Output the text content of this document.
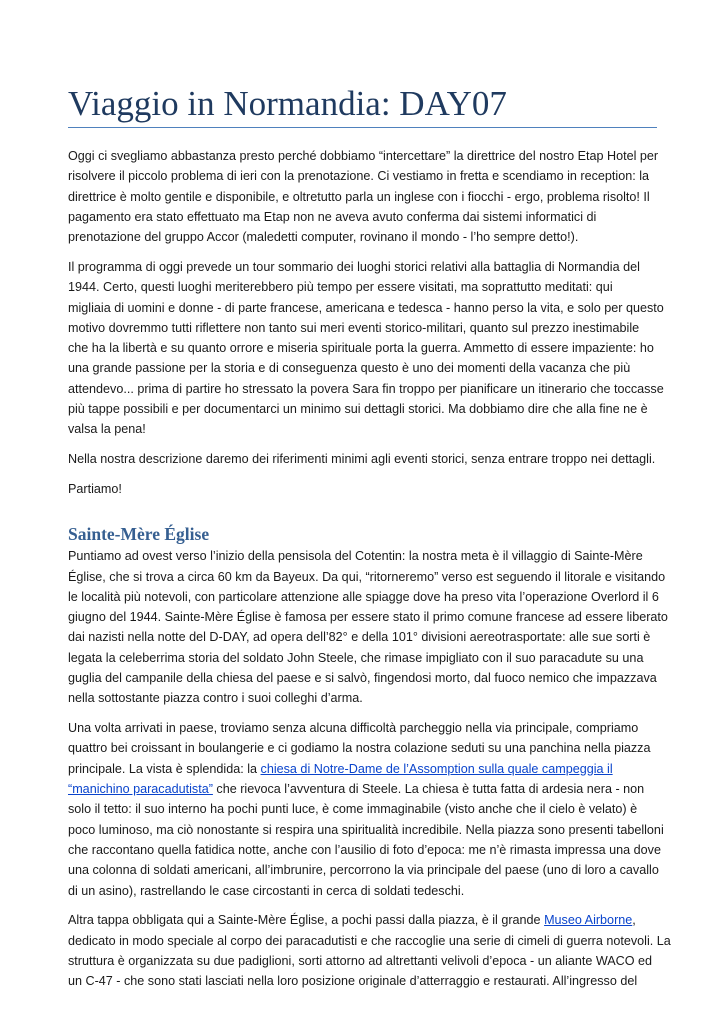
Viaggio in Normandia: DAY07

Oggi ci svegliamo abbastanza presto perché dobbiamo “intercettare” la direttrice del nostro Etap Hotel per
risolvere il piccolo problema di ieri con la prenotazione. Ci vestiamo in fretta e scendiamo in reception: la
direttrice è molto gentile e disponibile, e oltretutto parla un inglese con i fiocchi - ergo, problema risolto! Il
pagamento era stato effettuato ma Etap non ne aveva avuto conferma dai sistemi informatici di
prenotazione del gruppo Accor (maledetti computer, rovinano il mondo - l’ho sempre detto!).

Il programma di oggi prevede un tour sommario dei luoghi storici relativi alla battaglia di Normandia del
1944. Certo, questi luoghi meriterebbero più tempo per essere visitati, ma soprattutto meditati: qui
migliaia di uomini e donne - di parte francese, americana e tedesca - hanno perso la vita, e solo per questo
motivo dovremmo tutti riflettere non tanto sui meri eventi storico-militari, quanto sul prezzo inestimabile
che ha la libertà e su quanto orrore e miseria spirituale porta la guerra. Ammetto di essere impaziente: ho
una grande passione per la storia e di conseguenza questo è uno dei momenti della vacanza che più
attendevo... prima di partire ho stressato la povera Sara fin troppo per pianificare un itinerario che toccasse
più tappe possibili e per documentarci un minimo sui dettagli storici. Ma dobbiamo dire che alla fine ne è
valsa la pena!

Nella nostra descrizione daremo dei riferimenti minimi agli eventi storici, senza entrare troppo nei dettagli.

Partiamo!

Sainte-Mère Église

Puntiamo ad ovest verso l’inizio della pensisola del Cotentin: la nostra meta è il villaggio di Sainte-Mère
Église, che si trova a circa 60 km da Bayeux. Da qui, “ritorneremo” verso est seguendo il litorale e visitando
le località più notevoli, con particolare attenzione alle spiagge dove ha preso vita l’operazione Overlord il 6
giugno del 1944. Sainte-Mère Église è famosa per essere stato il primo comune francese ad essere liberato
dai nazisti nella notte del D-DAY, ad opera dell’82° e della 101° divisioni aereotrasportate: alle sue sorti è
legata la celeberrima storia del soldato John Steele, che rimase impigliato con il suo paracadute su una
guglia del campanile della chiesa del paese e si salvò, fingendosi morto, dal fuoco nemico che impazzava
nella sottostante piazza contro i suoi colleghi d’arma.

Una volta arrivati in paese, troviamo senza alcuna difficoltà parcheggio nella via principale, compriamo
quattro bei croissant in boulangerie e ci godiamo la nostra colazione seduti su una panchina nella piazza
principale. La vista è splendida: la chiesa di Notre-Dame de l’Assomption sulla quale campeggia il
“manichino paracadutista” che rievoca l’avventura di Steele. La chiesa è tutta fatta di ardesia nera - non
solo il tetto: il suo interno ha pochi punti luce, è come immaginabile (visto anche che il cielo è velato) è
poco luminoso, ma ciò nonostante si respira una spiritualità incredibile. Nella piazza sono presenti tabelloni
che raccontano quella fatidica notte, anche con l’ausilio di foto d’epoca: me n’è rimasta impressa una dove
una colonna di soldati americani, all’imbrunire, percorrono la via principale del paese (uno di loro a cavallo
di un asino), rastrellando le case circostanti in cerca di soldati tedeschi.

Altra tappa obbligata qui a Sainte-Mère Église, a pochi passi dalla piazza, è il grande Museo Airborne,
dedicato in modo speciale al corpo dei paracadutisti e che raccoglie una serie di cimeli di guerra notevoli. La
struttura è organizzata su due padiglioni, sorti attorno ad altrettanti velivoli d’epoca - un aliante WACO ed
un C-47 - che sono stati lasciati nella loro posizione originale d’atterraggio e restaurati. All’ingresso del
